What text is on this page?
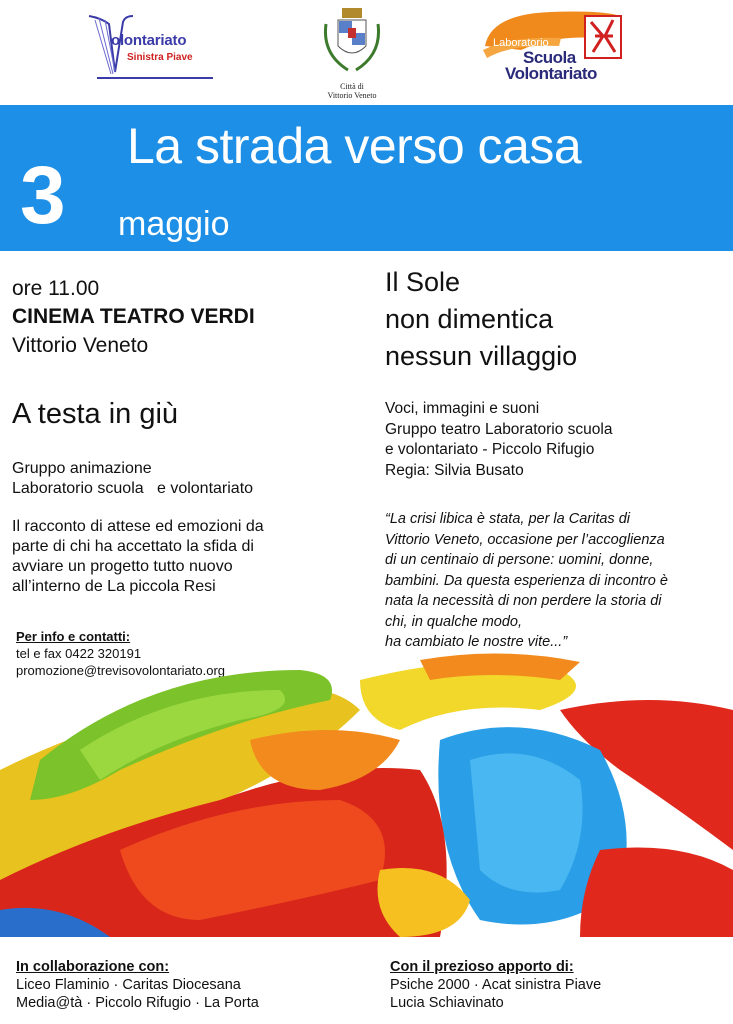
olontariato
Sinistra Piave
Città di
Vittorio Veneto
Laboratorio
Scuola
Volontariato
La strada verso casa
3 maggio
ore 11.00
CINEMA TEATRO VERDI
Vittorio Veneto
A testa in giù
Gruppo animazione
Laboratorio scuola   e volontariato
Il racconto di attese ed emozioni da
parte di chi ha accettato la sfida di
avviare un progetto tutto nuovo
all’interno de La piccola Resi
Per info e contatti:
tel e fax 0422 320191
promozione@trevisovolontariato.org
Il Sole
non dimentica
nessun villaggio
Voci, immagini e suoni
Gruppo teatro Laboratorio scuola
e volontariato - Piccolo Rifugio
Regia: Silvia Busato
“La crisi libica è stata, per la Caritas di
Vittorio Veneto, occasione per l’accoglienza
di un centinaio di persone: uomini, donne,
bambini. Da questa esperienza di incontro è
nata la necessità di non perdere la storia di
chi, in qualche modo,
ha cambiato le nostre vite...”
In collaborazione con:
Liceo Flaminio · Caritas Diocesana
Media@tà · Piccolo Rifugio · La Porta
Con il prezioso apporto di:
Psiche 2000 · Acat sinistra Piave
Lucia Schiavinato
